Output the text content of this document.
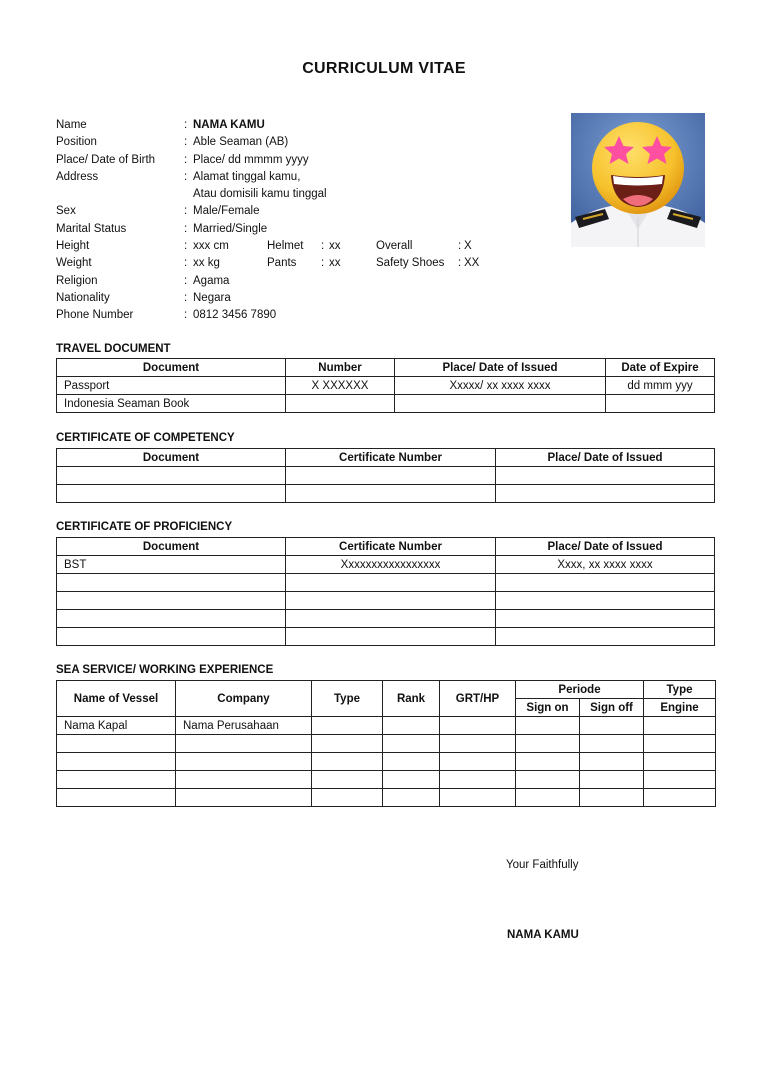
CURRICULUM VITAE
Name	: NAMA KAMU
Position	: Able Seaman (AB)
Place/ Date of Birth	: Place/ dd mmmm yyyy
Address	: Alamat tinggal kamu,
Atau domisili kamu tinggal
Sex	: Male/Female
Marital Status	: Married/Single
Height	: xxx cm	Helmet : xx	Overall	: X
Weight	: xx kg	Pants : xx	Safety Shoes : XX
Religion	: Agama
Nationality	: Negara
Phone Number	: 0812 3456 7890
TRAVEL DOCUMENT
Document	Number	Place/ Date of Issued	Date of Expire
Passport	X XXXXXX	Xxxxx/ xx xxxx xxxx	dd mmm yyy
Indonesia Seaman Book			
CERTIFICATE OF COMPETENCY
Document	Certificate Number	Place/ Date of Issued

CERTIFICATE OF PROFICIENCY
Document	Certificate Number	Place/ Date of Issued
BST	Xxxxxxxxxxxxxxxxx	Xxxx, xx xxxx xxxx

SEA SERVICE/ WORKING EXPERIENCE
Name of Vessel	Company	Type	Rank	GRT/HP	Periode		Type
					Sign on	Sign off	Engine
Nama Kapal	Nama Perusahaan						

Your Faithfully
NAMA KAMU
